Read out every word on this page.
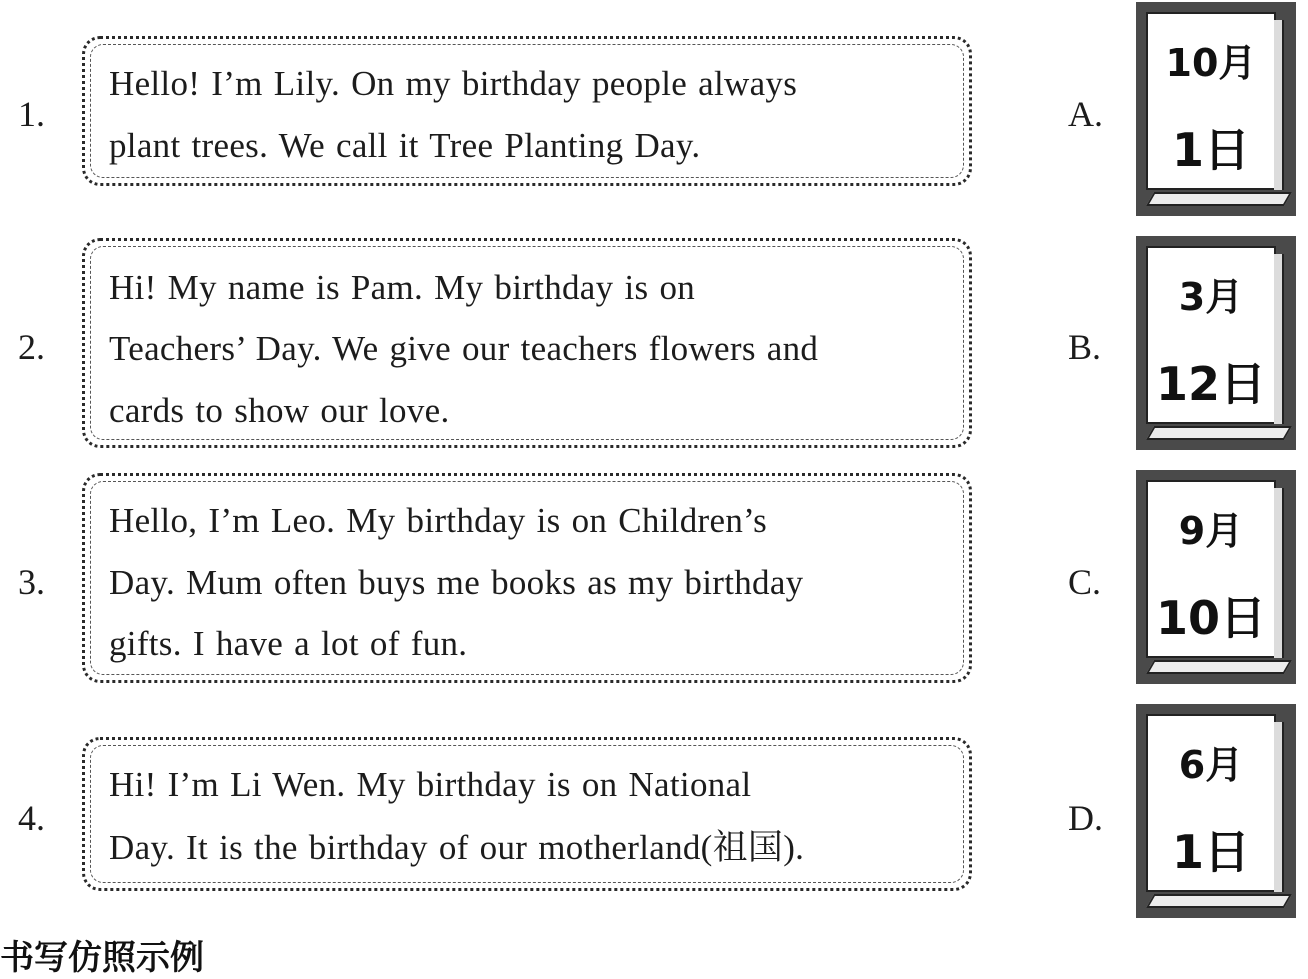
1.
Hello! I’m Lily. On my birthday people always
plant trees. We call it Tree Planting Day.
2.
Hi! My name is Pam. My birthday is on
Teachers’ Day. We give our teachers flowers and
cards to show our love.
3.
Hello, I’m Leo. My birthday is on Children’s
Day. Mum often buys me books as my birthday
gifts. I have a lot of fun.
4.
Hi! I’m Li Wen. My birthday is on National
Day. It is the birthday of our motherland(祖国).
A.
10月
1日
B.
3月
12日
C.
9月
10日
D.
6月
1日
书写仿照示例
